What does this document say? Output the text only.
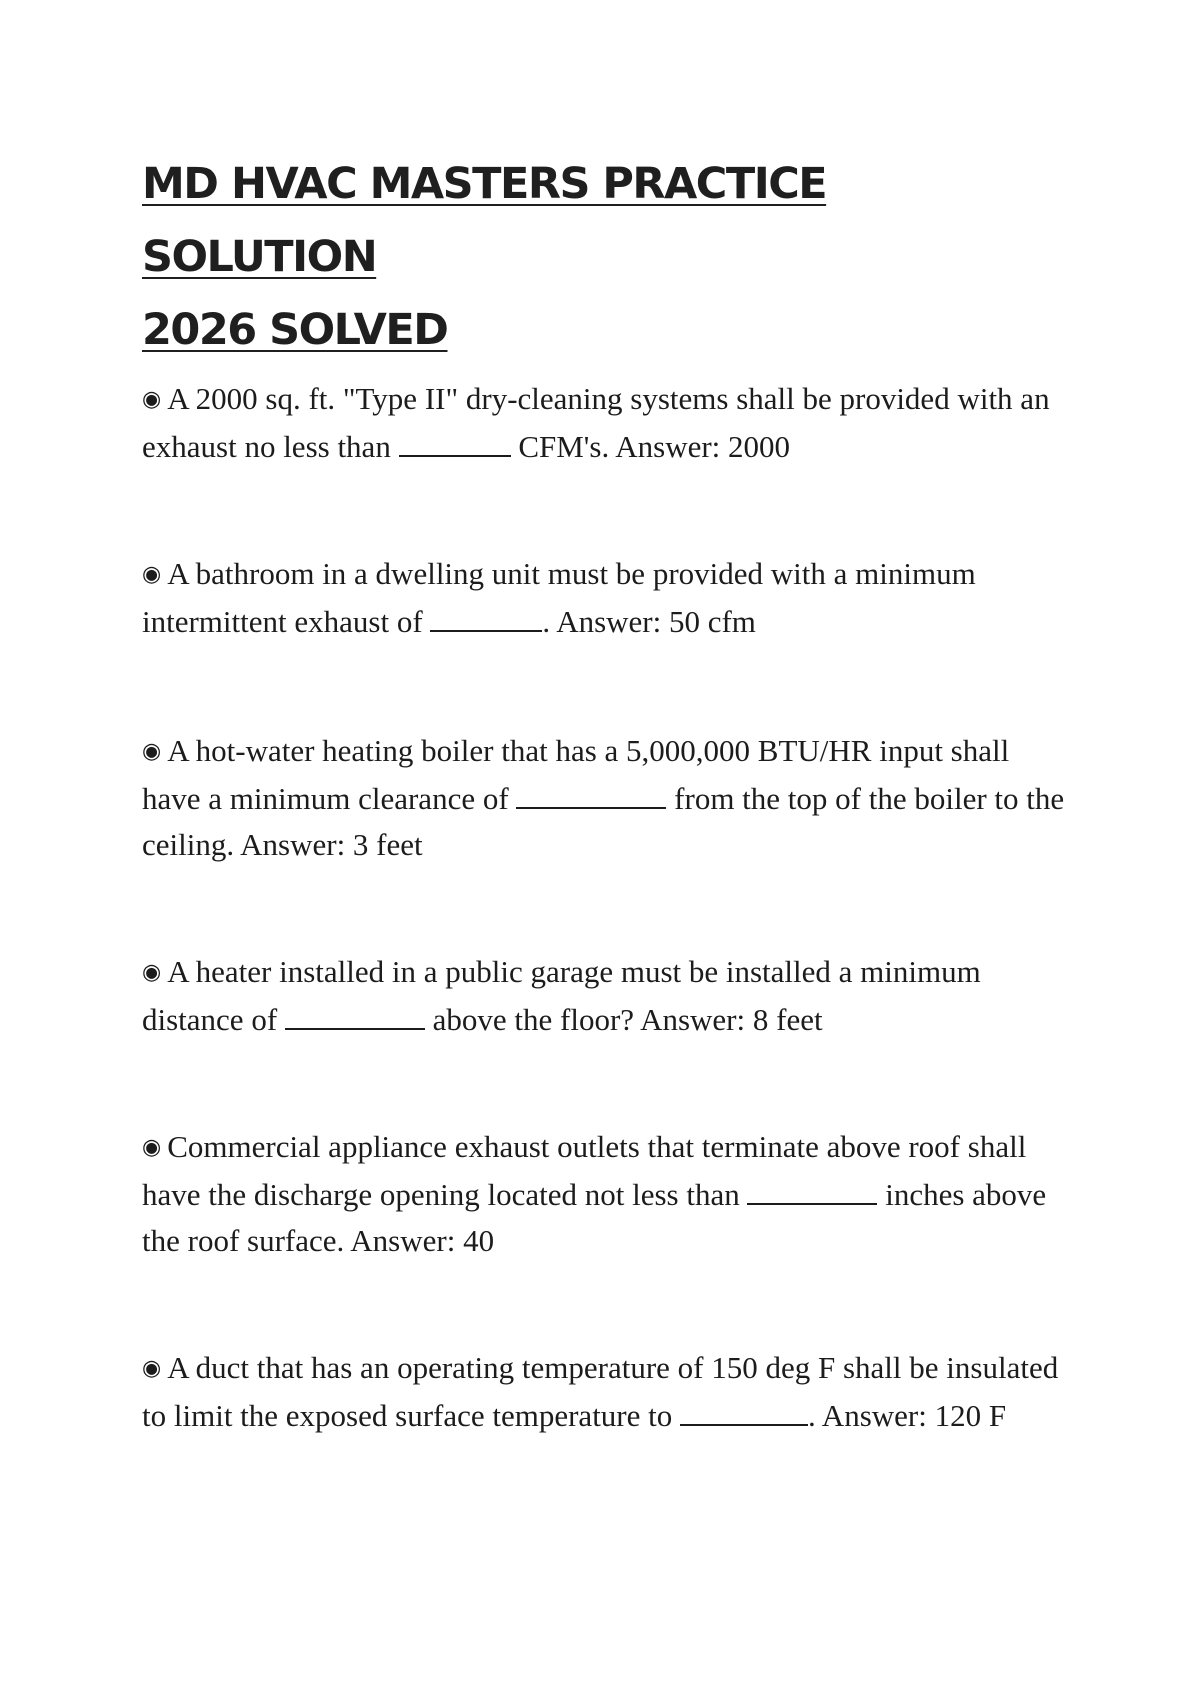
MD HVAC MASTERS PRACTICE SOLUTION
2026 SOLVED

◉ A 2000 sq. ft. "Type II" dry-cleaning systems shall be provided with an exhaust no less than	CFM's. Answer: 2000

◉ A bathroom in a dwelling unit must be provided with a minimum intermittent exhaust of	. Answer: 50 cfm

◉ A hot-water heating boiler that has a 5,000,000 BTU/HR input shall have a minimum clearance of	from the top of the boiler to the ceiling. Answer: 3 feet

◉ A heater installed in a public garage must be installed a minimum distance of	above the floor? Answer: 8 feet

◉ Commercial appliance exhaust outlets that terminate above roof shall have the discharge opening located not less than	inches above the roof surface. Answer: 40

◉ A duct that has an operating temperature of 150 deg F shall be insulated to limit the exposed surface temperature to	. Answer: 120 F
